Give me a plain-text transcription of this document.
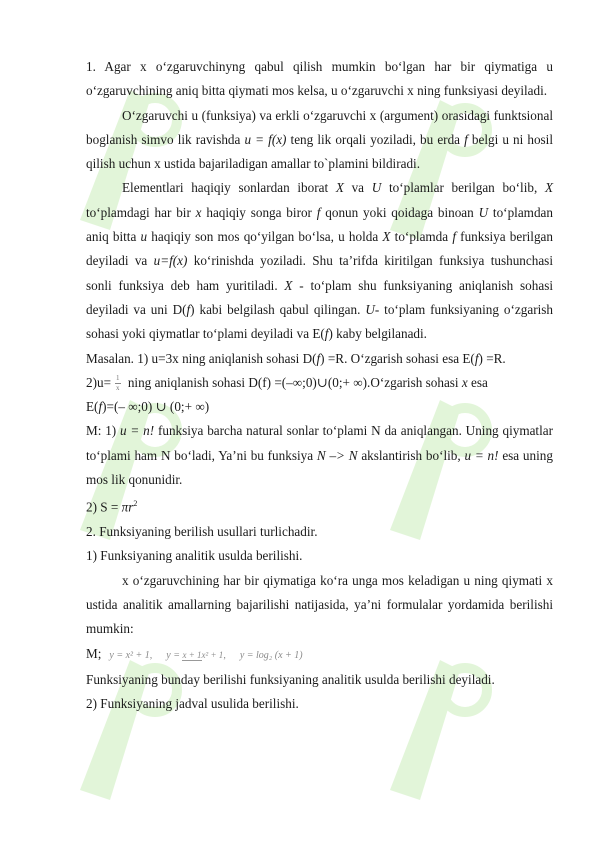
1. Agar x o‘zgaruvchinyng qabul qilish mumkin bo‘lgan har bir qiymatiga u o‘zgaruvchining aniq bitta qiymati mos kelsa, u o‘zgaruvchi x ning funksiyasi deyiladi.

O‘zgaruvchi u (funksiya) va erkli o‘zgaruvchi x (argument) orasidagi funktsional boglanish simvo lik ravishda u = f(x) teng lik orqali yoziladi, bu erda f belgi u ni hosil qilish uchun x ustida bajariladigan amallar to`plamini bildiradi.

Elementlari haqiqiy sonlardan iborat X va U to‘plamlar berilgan bo‘lib, X to‘plamdagi har bir x haqiqiy songa biror f qonun yoki qoidaga binoan U to‘plamdan aniq bitta u haqiqiy son mos qo‘yilgan bo‘lsa, u holda X to‘plamda f funksiya berilgan deyiladi va u=f(x) ko‘rinishda yoziladi. Shu ta’rifda kiritilgan funksiya tushunchasi sonli funksiya deb ham yuritiladi. X - to‘plam shu funksiyaning aniqlanish sohasi deyiladi va uni D(f) kabi belgilash qabul qilingan. U- to‘plam funksiyaning o‘zgarish sohasi yoki qiymatlar to‘plami deyiladi va E(f) kaby belgilanadi.

Masalan. 1) u=3x ning aniqlanish sohasi D(f) =R. O‘zgarish sohasi esa E(f) =R.

$2)u= \frac{1}{x}$ ning aniqlanish sohasi D(f) =(–∞;0)∪(0;+ ∞).O‘zgarish sohasi x esa

E(f)=(– ∞;0) ∪ (0;+ ∞)

M: 1) u = n! funksiya barcha natural sonlar to‘plami N da aniqlangan. Uning qiymatlar to‘plami ham N bo‘ladi, Ya’ni bu funksiya N –> N akslantirish bo‘lib, u = n! esa uning mos lik qonunidir.

2) $S = \pi r^2$

2. Funksiyaning berilish usullari turlichadir.

1) Funksiyaning analitik usulda berilishi.

x o‘zgaruvchining har bir qiymatiga ko‘ra unga mos keladigan u ning qiymati x ustida analitik amallarning bajarilishi natijasida, ya’ni formulalar yordamida berilishi mumkin:

M; y = x² + 1, y = x + 1x² + 1, y = log₂ (x + 1)

Funksiyaning bunday berilishi funksiyaning analitik usulda berilishi deyiladi.

2) Funksiyaning jadval usulida berilishi.
